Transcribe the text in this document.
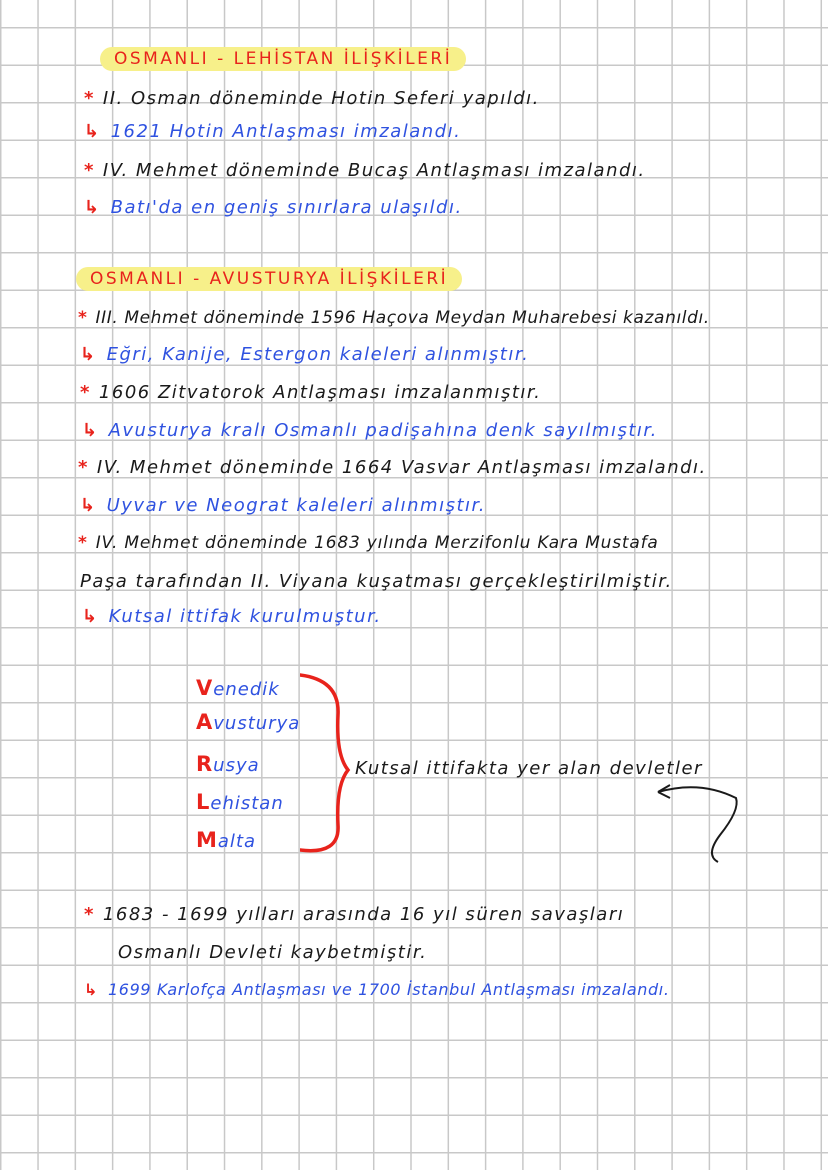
OSMANLI - LEHİSTAN İLİŞKİLERİ
* II. Osman döneminde Hotin Seferi yapıldı.
↳ 1621 Hotin Antlaşması imzalandı.
* IV. Mehmet döneminde Bucaş Antlaşması imzalandı.
↳ Batı'da en geniş sınırlara ulaşıldı.
OSMANLI - AVUSTURYA İLİŞKİLERİ
* III. Mehmet döneminde 1596 Haçova Meydan Muharebesi kazanıldı.
↳ Eğri, Kanije, Estergon kaleleri alınmıştır.
* 1606 Zitvatorok Antlaşması imzalanmıştır.
↳ Avusturya kralı Osmanlı padişahına denk sayılmıştır.
* IV. Mehmet döneminde 1664 Vasvar Antlaşması imzalandı.
↳ Uyvar ve Neograt kaleleri alınmıştır.
* IV. Mehmet döneminde 1683 yılında Merzifonlu Kara Mustafa
Paşa tarafından II. Viyana kuşatması gerçekleştirilmiştir.
↳ Kutsal ittifak kurulmuştur.
Venedik
Avusturya
Rusya
Lehistan
Malta
Kutsal ittifakta yer alan devletler
* 1683 - 1699 yılları arasında 16 yıl süren savaşları
Osmanlı Devleti kaybetmiştir.
↳ 1699 Karlofça Antlaşması ve 1700 İstanbul Antlaşması imzalandı.
